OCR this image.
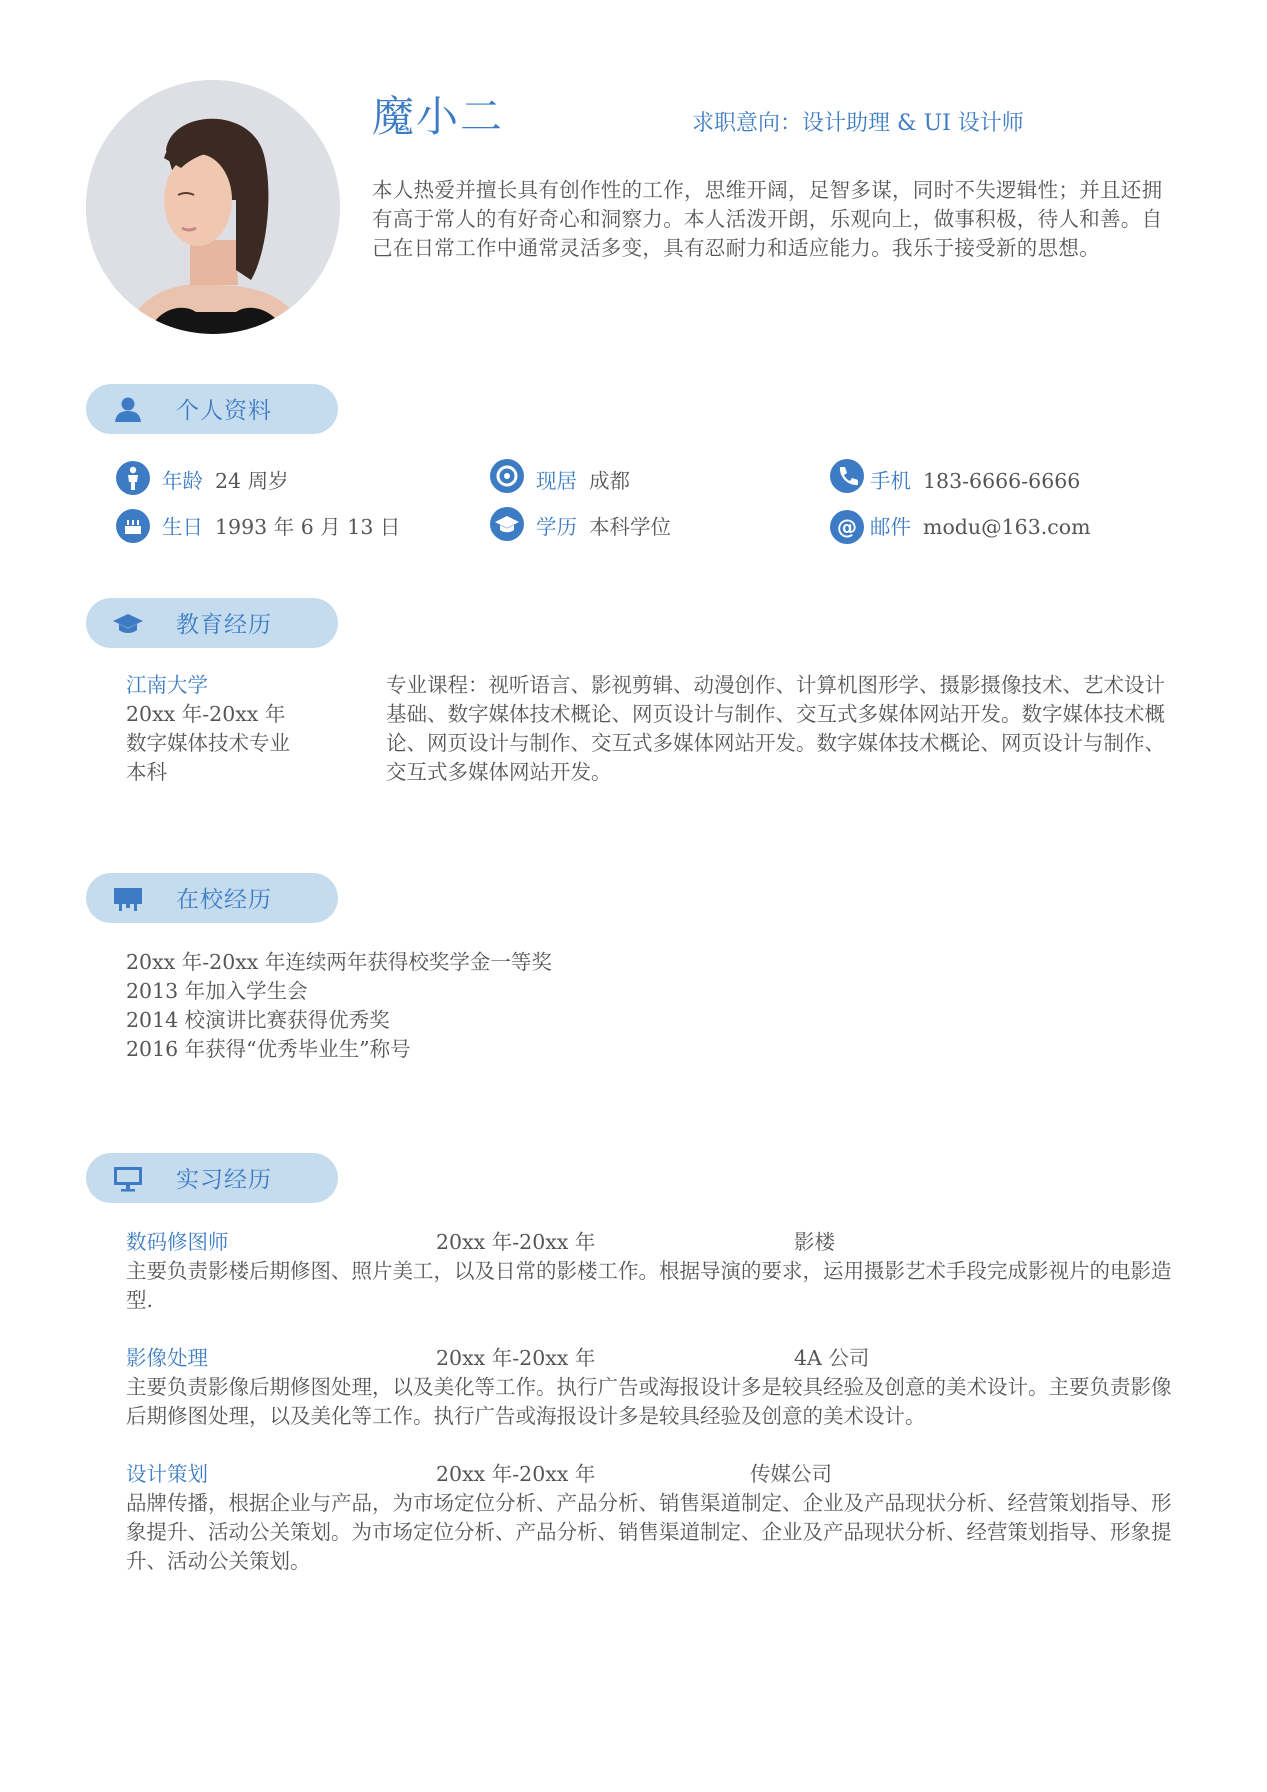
魔小二	求职意向：设计助理 & UI 设计师
本人热爱并擅长具有创作性的工作，思维开阔，足智多谋，同时不失逻辑性；并且还拥有高于常人的有好奇心和洞察力。本人活泼开朗，乐观向上，做事积极，待人和善。自己在日常工作中通常灵活多变，具有忍耐力和适应能力。我乐于接受新的思想。
个人资料
年龄 24 周岁	现居 成都	手机 183-6666-6666
生日 1993 年 6 月 13 日	学历 本科学位	@ 邮件 modu@163.com
教育经历
江南大学
20xx 年-20xx 年
数字媒体技术专业
本科
专业课程：视听语言、影视剪辑、动漫创作、计算机图形学、摄影摄像技术、艺术设计基础、数字媒体技术概论、网页设计与制作、交互式多媒体网站开发。数字媒体技术概论、网页设计与制作、交互式多媒体网站开发。数字媒体技术概论、网页设计与制作、交互式多媒体网站开发。
在校经历
20xx 年-20xx 年连续两年获得校奖学金一等奖
2013 年加入学生会
2014 校演讲比赛获得优秀奖
2016 年获得“优秀毕业生”称号
实习经历
数码修图师	20xx 年-20xx 年	影楼
主要负责影楼后期修图、照片美工，以及日常的影楼工作。根据导演的要求，运用摄影艺术手段完成影视片的电影造型.
影像处理	20xx 年-20xx 年	4A 公司
主要负责影像后期修图处理，以及美化等工作。执行广告或海报设计多是较具经验及创意的美术设计。主要负责影像后期修图处理，以及美化等工作。执行广告或海报设计多是较具经验及创意的美术设计。
设计策划	20xx 年-20xx 年	传媒公司
品牌传播，根据企业与产品，为市场定位分析、产品分析、销售渠道制定、企业及产品现状分析、经营策划指导、形象提升、活动公关策划。为市场定位分析、产品分析、销售渠道制定、企业及产品现状分析、经营策划指导、形象提升、活动公关策划。
